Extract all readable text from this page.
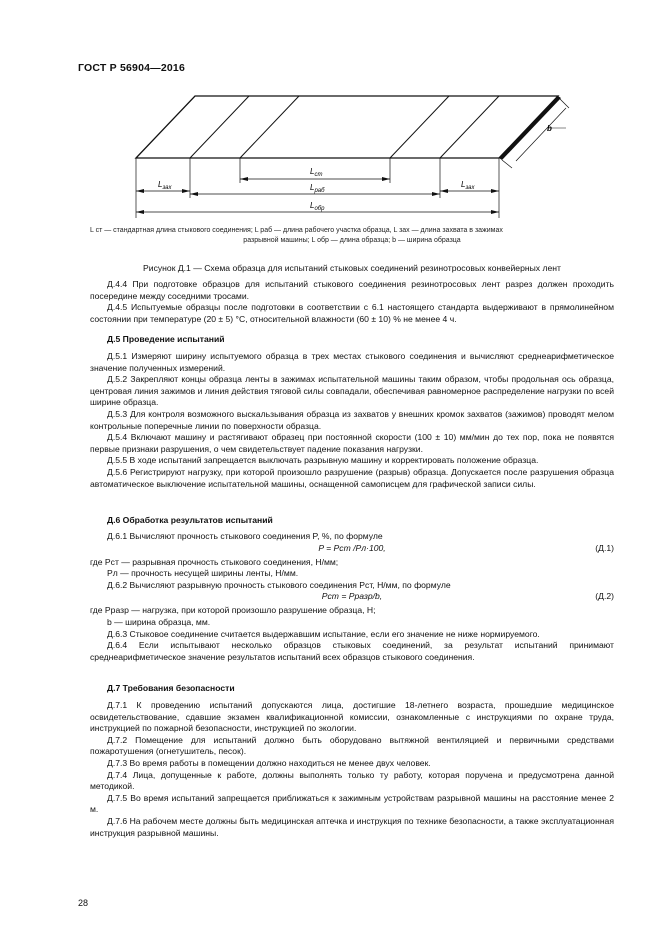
ГОСТ Р 56904—2016
b
$L_{ст}$
$L_{зах}$	$L_{раб}$
$L_{зах}$
$L_{обр}$
L ст — стандартная длина стыкового соединения; L раб — длина рабочего участка образца, L зах — длина захвата в зажимах
разрывной машины; L обр — длина образца; b — ширина образца
Рисунок Д.1 — Схема образца для испытаний стыковых соединений резинотросовых конвейерных лент

Д.4.4 При подготовке образцов для испытаний стыкового соединения резинотросовых лент разрез должен проходить посередине между соседними тросами.

Д.4.5 Испытуемые образцы после подготовки в соответствии с 6.1 настоящего стандарта выдерживают в прямолинейном состоянии при температуре (20 ± 5) °С, относительной влажности (60 ± 10) % не менее 4 ч.

Д.5 Проведение испытаний

Д.5.1 Измеряют ширину испытуемого образца в трех местах стыкового соединения и вычисляют среднеарифметическое значение полученных измерений.

Д.5.2 Закрепляют концы образца ленты в зажимах испытательной машины таким образом, чтобы продольная ось образца, центровая линия зажимов и линия действия тяговой силы совпадали, обеспечивая равномерное распределение нагрузки по всей ширине образца.

Д.5.3 Для контроля возможного выскальзывания образца из захватов у внешних кромок захватов (зажимов) проводят мелом контрольные поперечные линии по поверхности образца.

Д.5.4 Включают машину и растягивают образец при постоянной скорости (100 ± 10) мм/мин до тех пор, пока не появятся первые признаки разрушения, о чем свидетельствует падение показания нагрузки.

Д.5.5 В ходе испытаний запрещается выключать разрывную машину и корректировать положение образца.

Д.5.6 Регистрируют нагрузку, при которой произошло разрушение (разрыв) образца. Допускается после разрушения образца автоматическое выключение испытательной машины, оснащенной самописцем для графической записи силы.

Д.6 Обработка результатов испытаний

Д.6.1 Вычисляют прочность стыкового соединения P, %, по формуле

P = Pст /Pл·100,	(Д.1)

где Pст — разрывная прочность стыкового соединения, Н/мм;

Pл — прочность несущей ширины ленты, Н/мм.

Д.6.2 Вычисляют разрывную прочность стыкового соединения Pст, Н/мм, по формуле

Pст = Pразр/b,	(Д.2)

где Pразр — нагрузка, при которой произошло разрушение образца, Н;

b — ширина образца, мм.

Д.6.3 Стыковое соединение считается выдержавшим испытание, если его значение не ниже нормируемого.

Д.6.4 Если испытывают несколько образцов стыковых соединений, за результат испытаний принимают среднеарифметическое значение результатов испытаний всех образцов стыкового соединения.

Д.7 Требования безопасности

Д.7.1 К проведению испытаний допускаются лица, достигшие 18-летнего возраста, прошедшие медицинское освидетельствование, сдавшие экзамен квалификационной комиссии, ознакомленные с инструкциями по охране труда, инструкцией по пожарной безопасности, инструкцией по экологии.

Д.7.2 Помещение для испытаний должно быть оборудовано вытяжной вентиляцией и первичными средствами пожаротушения (огнетушитель, песок).

Д.7.3 Во время работы в помещении должно находиться не менее двух человек.

Д.7.4 Лица, допущенные к работе, должны выполнять только ту работу, которая поручена и предусмотрена данной методикой.

Д.7.5 Во время испытаний запрещается приближаться к зажимным устройствам разрывной машины на расстояние менее 2 м.

Д.7.6 На рабочем месте должны быть медицинская аптечка и инструкция по технике безопасности, а также эксплуатационная инструкция разрывной машины.

28
